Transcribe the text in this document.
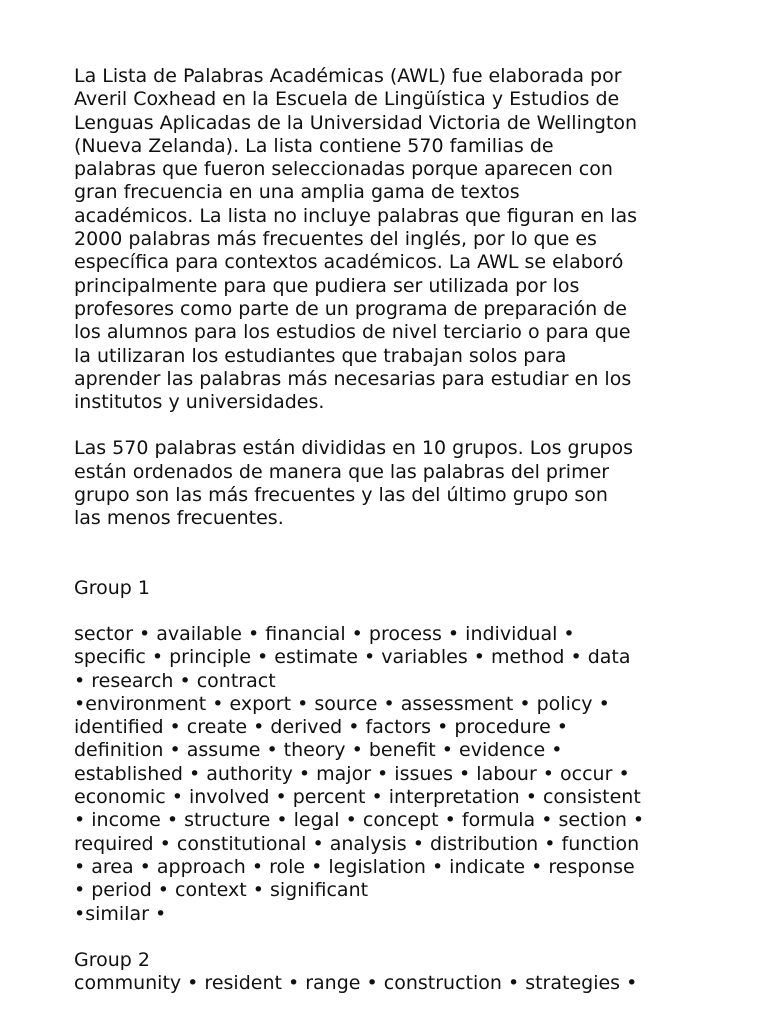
La Lista de Palabras Académicas (AWL) fue elaborada por
Averil Coxhead en la Escuela de Lingüística y Estudios de
Lenguas Aplicadas de la Universidad Victoria de Wellington
(Nueva Zelanda). La lista contiene 570 familias de
palabras que fueron seleccionadas porque aparecen con
gran frecuencia en una amplia gama de textos
académicos. La lista no incluye palabras que figuran en las
2000 palabras más frecuentes del inglés, por lo que es
específica para contextos académicos. La AWL se elaboró
principalmente para que pudiera ser utilizada por los
profesores como parte de un programa de preparación de
los alumnos para los estudios de nivel terciario o para que
la utilizaran los estudiantes que trabajan solos para
aprender las palabras más necesarias para estudiar en los
institutos y universidades.

Las 570 palabras están divididas en 10 grupos. Los grupos
están ordenados de manera que las palabras del primer
grupo son las más frecuentes y las del último grupo son
las menos frecuentes.

Group 1

sector • available • financial • process • individual •
specific • principle • estimate • variables • method • data
• research • contract
•environment • export • source • assessment • policy •
identified • create • derived • factors • procedure •
definition • assume • theory • benefit • evidence •
established • authority • major • issues • labour • occur •
economic • involved • percent • interpretation • consistent
• income • structure • legal • concept • formula • section •
required • constitutional • analysis • distribution • function
• area • approach • role • legislation • indicate • response
• period • context • significant
•similar •

Group 2

community • resident • range • construction • strategies •
